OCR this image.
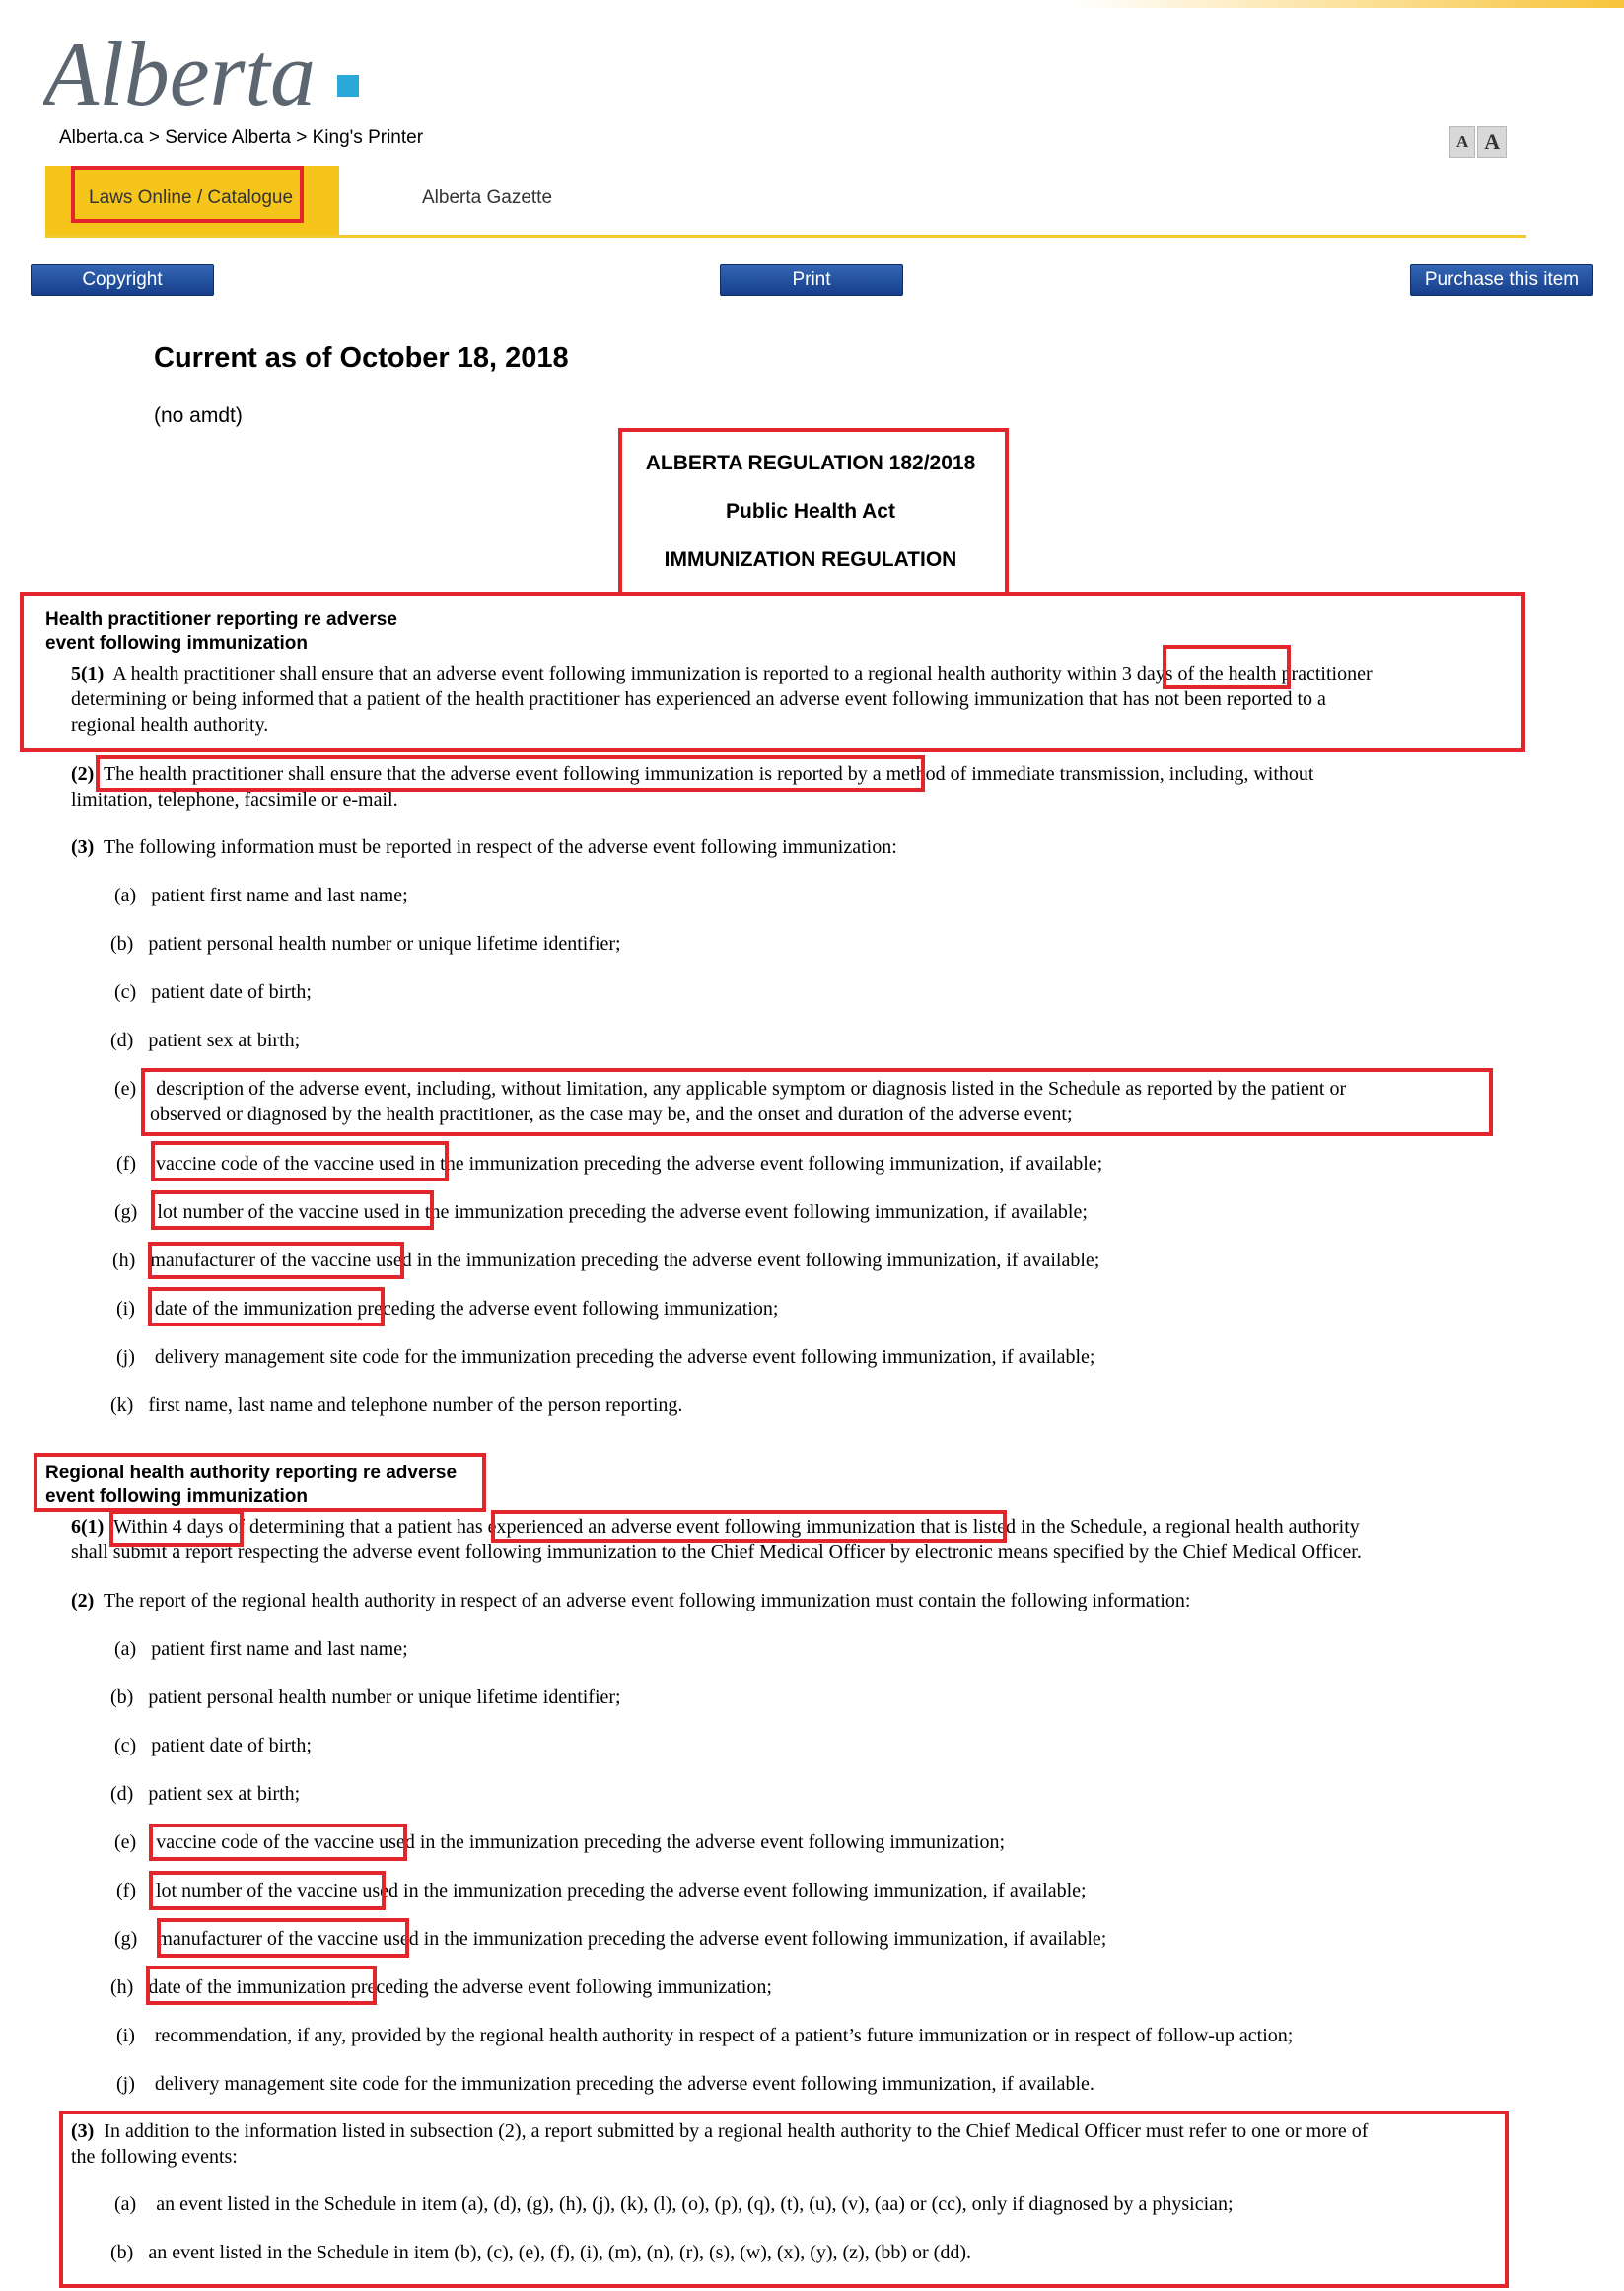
Alberta
Alberta.ca > Service Alberta > King's Printer	A A
Laws Online / Catalogue	Alberta Gazette
Copyright	Print	Purchase this item
Current as of October 18, 2018
(no amdt)
ALBERTA REGULATION 182/2018
Public Health Act
IMMUNIZATION REGULATION
Health practitioner reporting re adverse
event following immunization
5(1) A health practitioner shall ensure that an adverse event following immunization is reported to a regional health authority within 3 days of the health practitioner
determining or being informed that a patient of the health practitioner has experienced an adverse event following immunization that has not been reported to a
regional health authority.
(2) The health practitioner shall ensure that the adverse event following immunization is reported by a method of immediate transmission, including, without
limitation, telephone, facsimile or e-mail.
(3) The following information must be reported in respect of the adverse event following immunization:
(a) patient first name and last name;
(b) patient personal health number or unique lifetime identifier;
(c) patient date of birth;
(d) patient sex at birth;
(e) description of the adverse event, including, without limitation, any applicable symptom or diagnosis listed in the Schedule as reported by the patient or
observed or diagnosed by the health practitioner, as the case may be, and the onset and duration of the adverse event;
(f) vaccine code of the vaccine used in the immunization preceding the adverse event following immunization, if available;
(g) lot number of the vaccine used in the immunization preceding the adverse event following immunization, if available;
(h) manufacturer of the vaccine used in the immunization preceding the adverse event following immunization, if available;
(i) date of the immunization preceding the adverse event following immunization;
(j) delivery management site code for the immunization preceding the adverse event following immunization, if available;
(k) first name, last name and telephone number of the person reporting.
Regional health authority reporting re adverse
event following immunization
6(1) Within 4 days of determining that a patient has experienced an adverse event following immunization that is listed in the Schedule, a regional health authority
shall submit a report respecting the adverse event following immunization to the Chief Medical Officer by electronic means specified by the Chief Medical Officer.
(2) The report of the regional health authority in respect of an adverse event following immunization must contain the following information:
(a) patient first name and last name;
(b) patient personal health number or unique lifetime identifier;
(c) patient date of birth;
(d) patient sex at birth;
(e) vaccine code of the vaccine used in the immunization preceding the adverse event following immunization;
(f) lot number of the vaccine used in the immunization preceding the adverse event following immunization, if available;
(g) manufacturer of the vaccine used in the immunization preceding the adverse event following immunization, if available;
(h) date of the immunization preceding the adverse event following immunization;
(i) recommendation, if any, provided by the regional health authority in respect of a patient’s future immunization or in respect of follow-up action;
(j) delivery management site code for the immunization preceding the adverse event following immunization, if available.
(3) In addition to the information listed in subsection (2), a report submitted by a regional health authority to the Chief Medical Officer must refer to one or more of
the following events:
(a) an event listed in the Schedule in item (a), (d), (g), (h), (j), (k), (l), (o), (p), (q), (t), (u), (v), (aa) or (cc), only if diagnosed by a physician;
(b) an event listed in the Schedule in item (b), (c), (e), (f), (i), (m), (n), (r), (s), (w), (x), (y), (z), (bb) or (dd).
